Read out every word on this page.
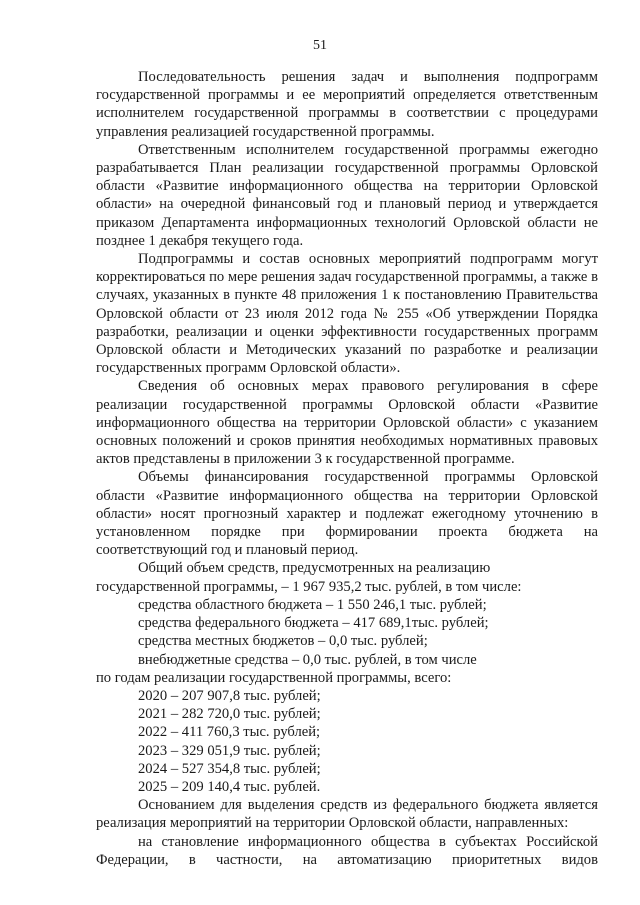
51

Последовательность решения задач и выполнения подпрограмм государственной программы и ее мероприятий определяется ответственным исполнителем государственной программы в соответствии с процедурами управления реализацией государственной программы.

Ответственным исполнителем государственной программы ежегодно разрабатывается План реализации государственной программы Орловской области «Развитие информационного общества на территории Орловской области» на очередной финансовый год и плановый период и утверждается приказом Департамента информационных технологий Орловской области не позднее 1 декабря текущего года.

Подпрограммы и состав основных мероприятий подпрограмм могут корректироваться по мере решения задач государственной программы, а также в случаях, указанных в пункте 48 приложения 1 к постановлению Правительства Орловской области от 23 июля 2012 года № 255 «Об утверждении Порядка разработки, реализации и оценки эффективности государственных программ Орловской области и Методических указаний по разработке и реализации государственных программ Орловской области».

Сведения об основных мерах правового регулирования в сфере реализации государственной программы Орловской области «Развитие информационного общества на территории Орловской области» с указанием основных положений и сроков принятия необходимых нормативных правовых актов представлены в приложении 3 к государственной программе.

Объемы финансирования государственной программы Орловской области «Развитие информационного общества на территории Орловской области» носят прогнозный характер и подлежат ежегодному уточнению в установленном порядке при формировании проекта бюджета на соответствующий год и плановый период.

Общий объем средств, предусмотренных на реализацию

государственной программы, – 1 967 935,2 тыс. рублей, в том числе:

средства областного бюджета – 1 550 246,1 тыс. рублей;

средства федерального бюджета – 417 689,1тыс. рублей;

средства местных бюджетов – 0,0 тыс. рублей;

внебюджетные средства – 0,0 тыс. рублей, в том числе

по годам реализации государственной программы, всего:

2020 – 207 907,8 тыс. рублей;

2021 – 282 720,0 тыс. рублей;

2022 – 411 760,3 тыс. рублей;

2023 – 329 051,9 тыс. рублей;

2024 – 527 354,8 тыс. рублей;

2025 – 209 140,4 тыс. рублей.

Основанием для выделения средств из федерального бюджета является реализация мероприятий на территории Орловской области, направленных:

на становление информационного общества в субъектах Российской

Федерации, в частности, на автоматизацию приоритетных видов
